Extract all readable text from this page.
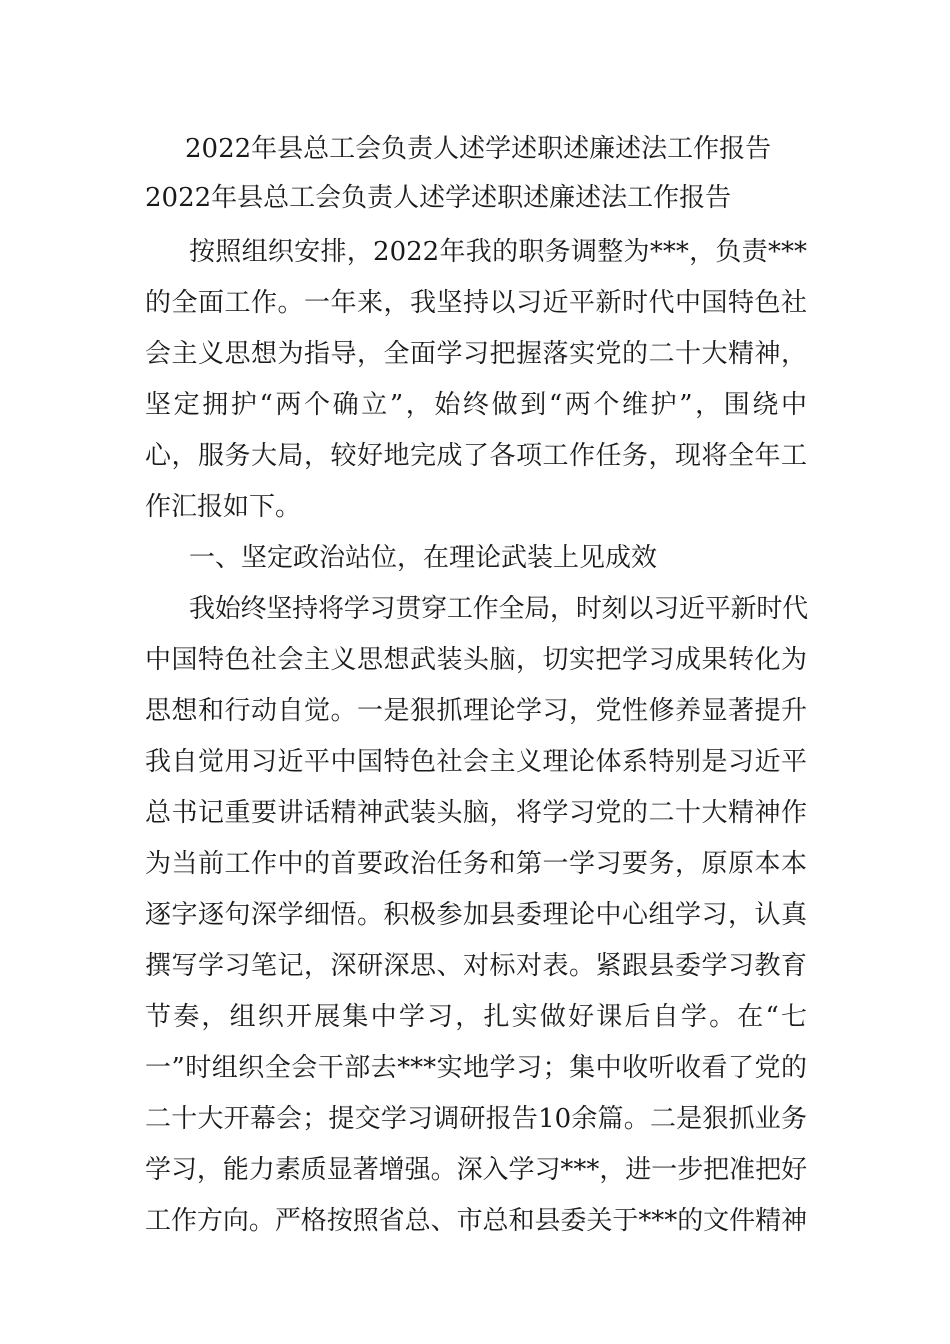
2022年县总工会负责人述学述职述廉述法工作报告
2022年县总工会负责人述学述职述廉述法工作报告
按照组织安排，2022年我的职务调整为***，负责***
的全面工作。一年来，我坚持以习近平新时代中国特色社
会主义思想为指导，全面学习把握落实党的二十大精神，
坚定拥护“两个确立”，始终做到“两个维护”，围绕中
心，服务大局，较好地完成了各项工作任务，现将全年工
作汇报如下。
一、坚定政治站位，在理论武装上见成效
我始终坚持将学习贯穿工作全局，时刻以习近平新时代
中国特色社会主义思想武装头脑，切实把学习成果转化为
思想和行动自觉。一是狠抓理论学习，党性修养显著提升
我自觉用习近平中国特色社会主义理论体系特别是习近平
总书记重要讲话精神武装头脑，将学习党的二十大精神作
为当前工作中的首要政治任务和第一学习要务，原原本本
逐字逐句深学细悟。积极参加县委理论中心组学习，认真
撰写学习笔记，深研深思、对标对表。紧跟县委学习教育
节奏，组织开展集中学习，扎实做好课后自学。在“七
一”时组织全会干部去***实地学习；集中收听收看了党的
二十大开幕会；提交学习调研报告10余篇。二是狠抓业务
学习，能力素质显著增强。深入学习***，进一步把准把好
工作方向。严格按照省总、市总和县委关于***的文件精神
